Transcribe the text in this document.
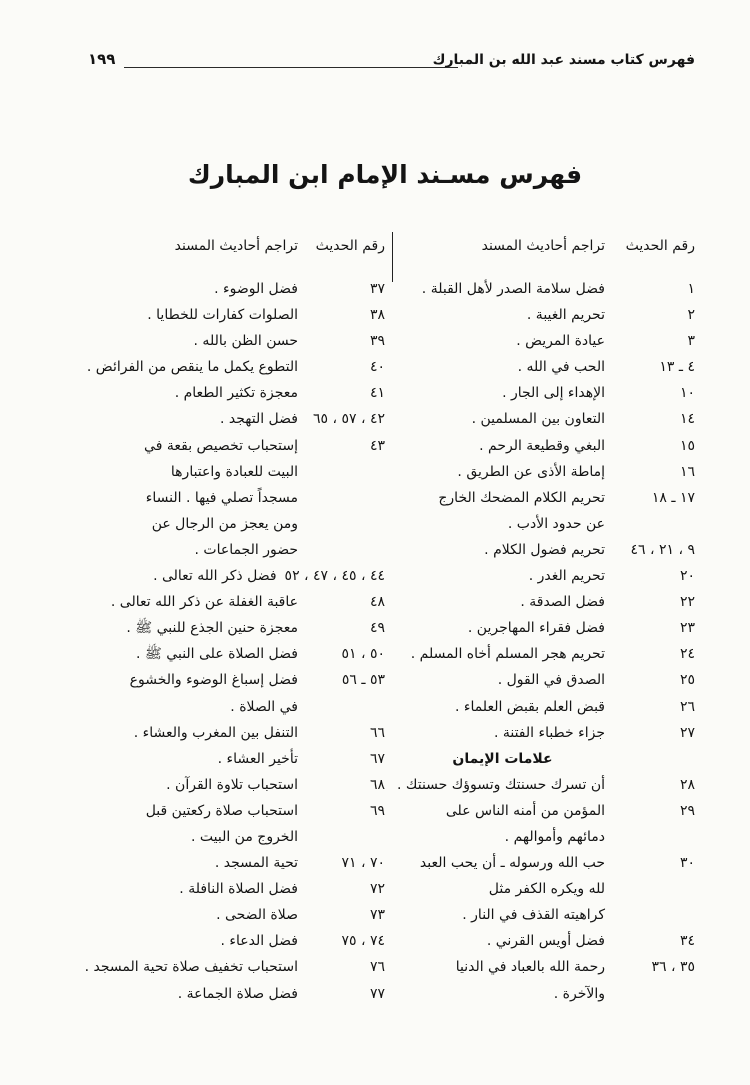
فهرس كتاب مسند عبد الله بن المبارك
١٩٩
فهرس مسـند الإمام ابن المبارك
رقم الحديث
تراجم أحاديث المسند
١
فضل سلامة الصدر لأهل القبلة .
٢
تحريم الغيبة .
٣
عيادة المريض .
٤ ـ ١٣
الحب في الله .
١٠
الإهداء إلى الجار .
١٤
التعاون بين المسلمين .
١٥
البغي وقطيعة الرحم .
١٦
إماطة الأذى عن الطريق .
١٧ ـ ١٨
تحريم الكلام المضحك الخارج
عن حدود الأدب .
٩ ، ٢١ ، ٤٦
تحريم فضول الكلام .
٢٠
تحريم الغدر .
٢٢
فضل الصدقة .
٢٣
فضل فقراء المهاجرين .
٢٤
تحريم هجر المسلم أخاه المسلم .
٢٥
الصدق في القول .
٢٦
قبض العلم بقبض العلماء .
٢٧
جزاء خطباء الفتنة .
علامات الإيمان
٢٨
أن تسرك حسنتك وتسوؤك حسنتك .
٢٩
المؤمن من أمنه الناس على
دمائهم وأموالهم .
٣٠
حب الله ورسوله ـ أن يحب العبد
لله ويكره الكفر مثل
كراهيته القذف في النار .
٣٤
فضل أويس القرني .
٣٥ ، ٣٦
رحمة الله بالعباد في الدنيا
والآخرة .
رقم الحديث
تراجم أحاديث المسند
٣٧
فضل الوضوء .
٣٨
الصلوات كفارات للخطايا .
٣٩
حسن الظن بالله .
٤٠
التطوع يكمل ما ينقص من الفرائض .
٤١
معجزة تكثير الطعام .
٤٢ ، ٥٧ ، ٦٥
فضل التهجد .
٤٣
إستحباب تخصيص بقعة في
البيت للعبادة واعتبارها
مسجداً تصلي فيها . النساء
ومن يعجز من الرجال عن
حضور الجماعات .
٤٤ ، ٤٥ ، ٤٧ ، ٥٢
فضل ذكر الله تعالى .
٤٨
عاقبة الغفلة عن ذكر الله تعالى .
٤٩
معجزة حنين الجذع للنبي ﷺ .
٥٠ ، ٥١
فضل الصلاة على النبي ﷺ .
٥٣ ـ ٥٦
فضل إسباغ الوضوء والخشوع
في الصلاة .
٦٦
التنفل بين المغرب والعشاء .
٦٧
تأخير العشاء .
٦٨
استحباب تلاوة القرآن .
٦٩
استحباب صلاة ركعتين قبل
الخروج من البيت .
٧٠ ، ٧١
تحية المسجد .
٧٢
فضل الصلاة النافلة .
٧٣
صلاة الضحى .
٧٤ ، ٧٥
فضل الدعاء .
٧٦
استحباب تخفيف صلاة تحية المسجد .
٧٧
فضل صلاة الجماعة .
